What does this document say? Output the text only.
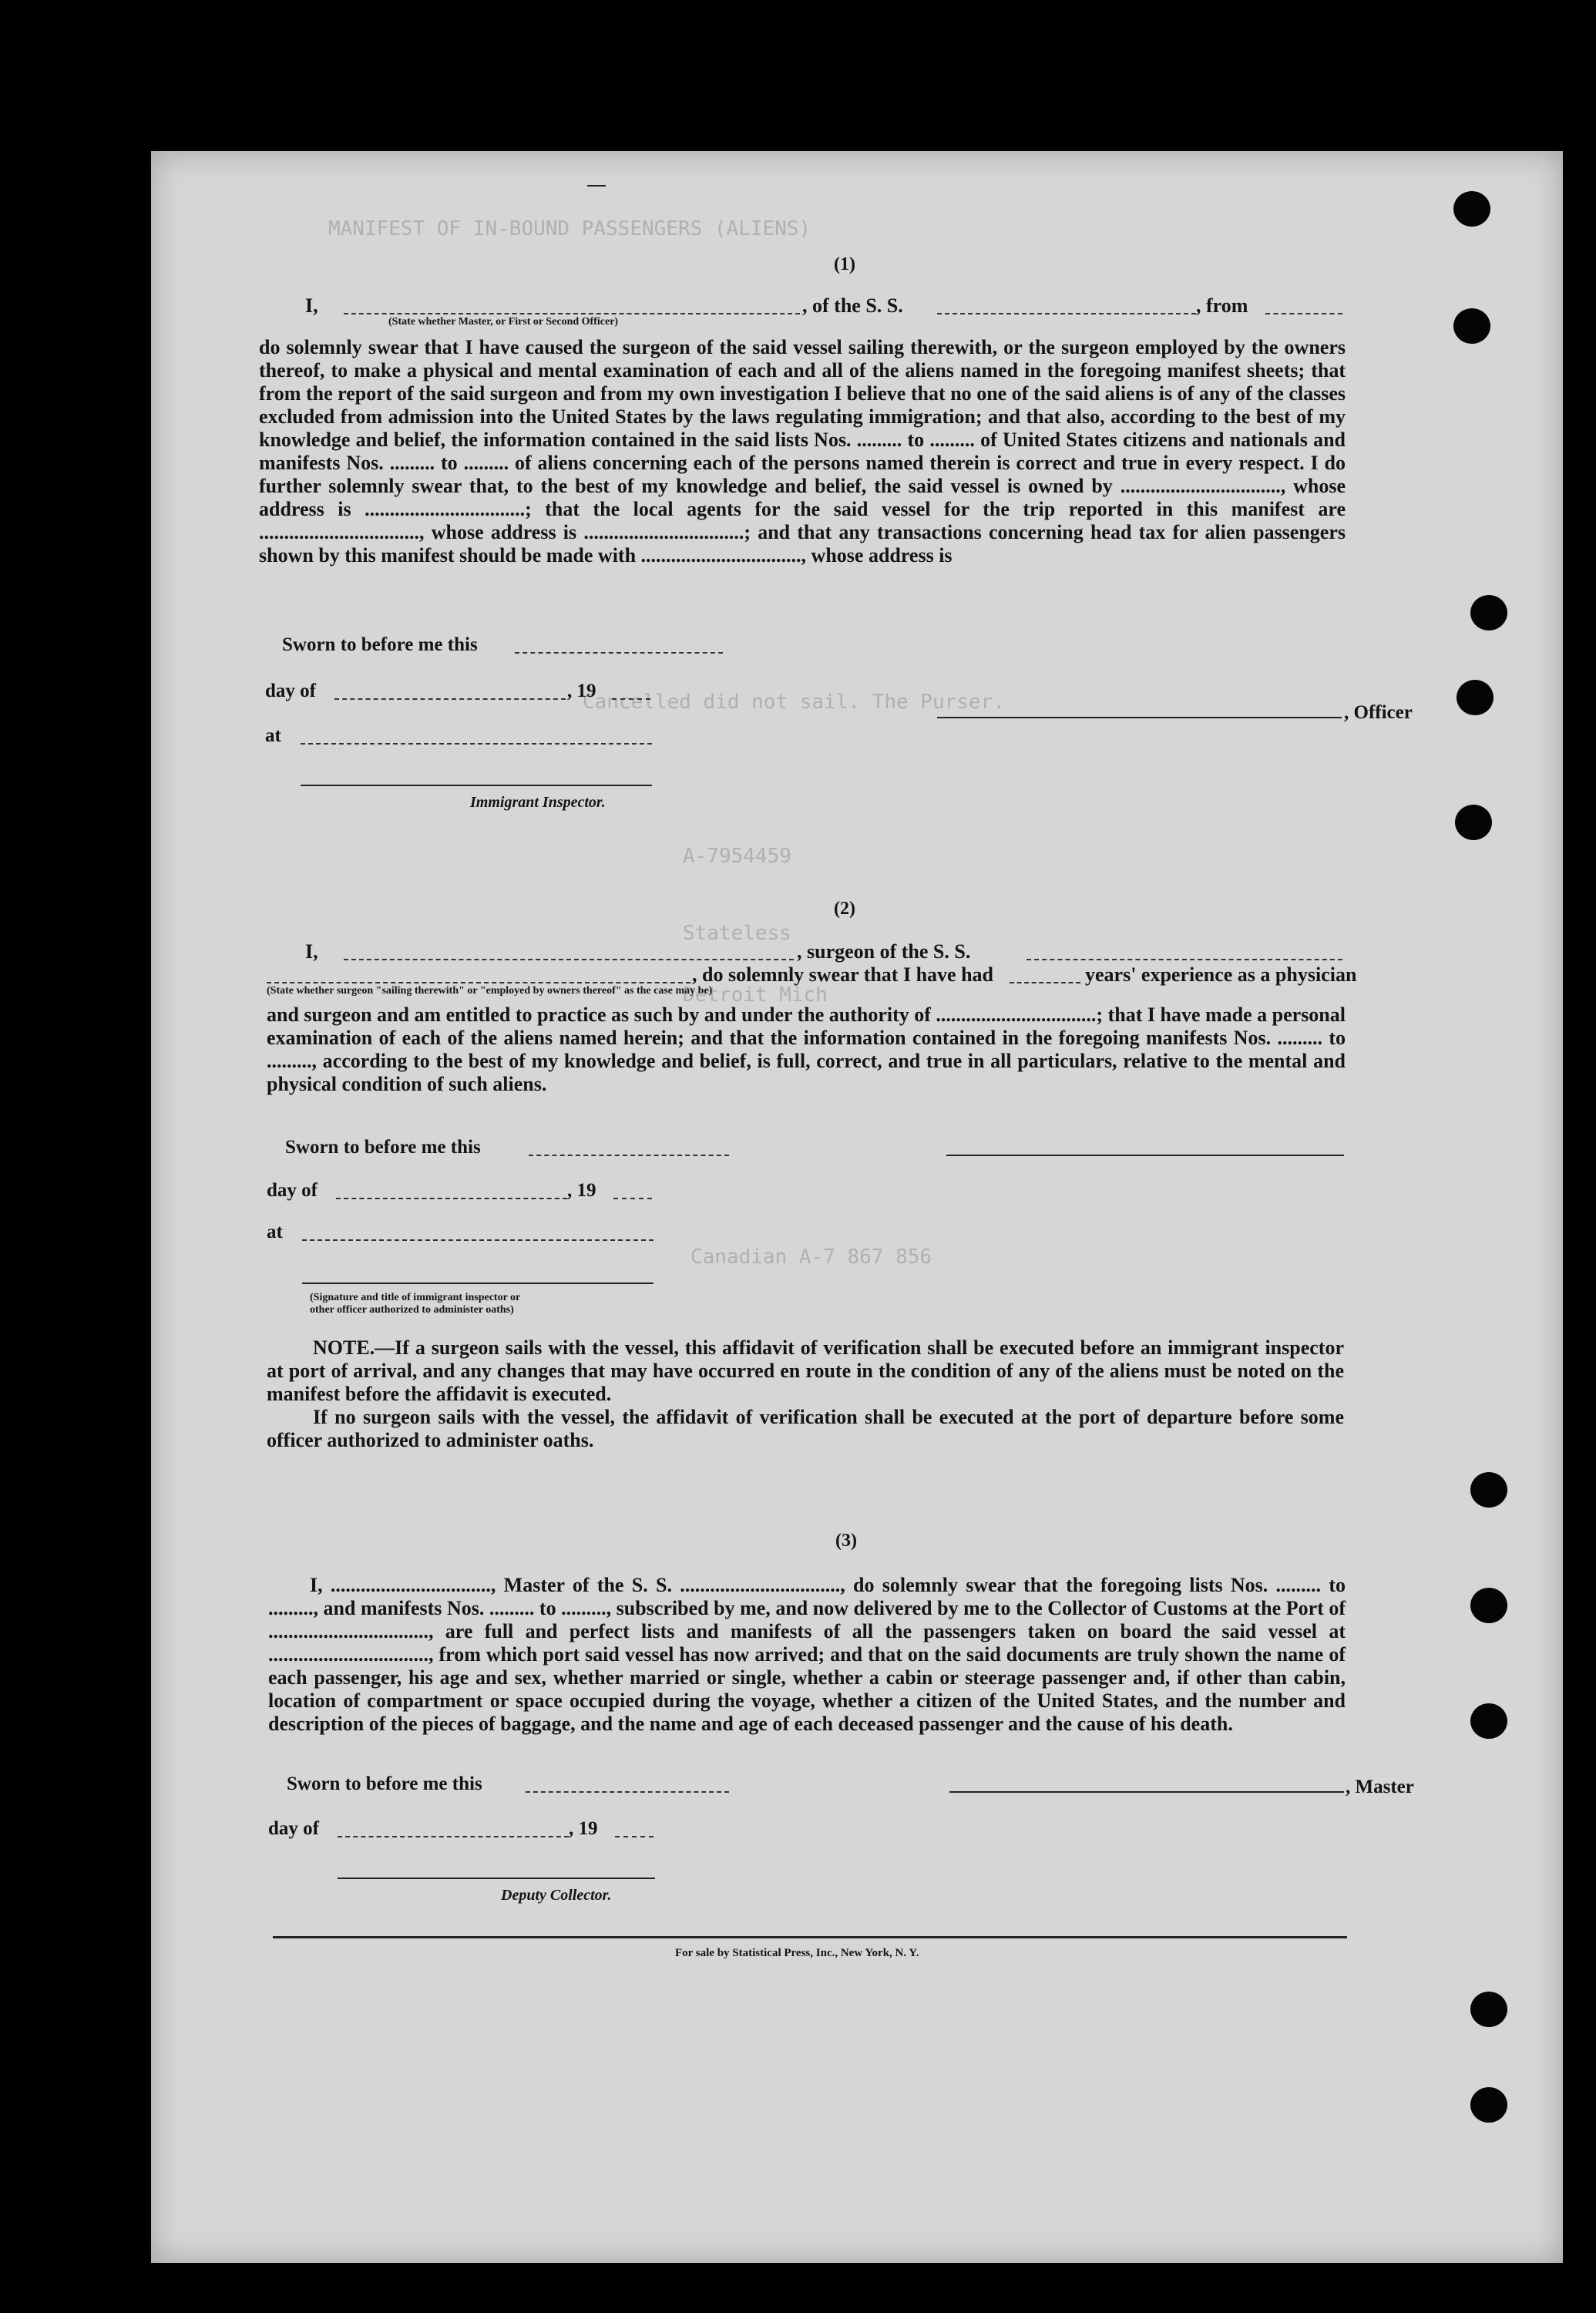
MANIFEST OF IN-BOUND PASSENGERS (ALIENS)
Cancelled did not sail. The Purser.
A-7954459
Stateless
Detroit Mich
Canadian A-7 867 856
(1)
I,	, of the S. S.	, from
(State whether Master, or First or Second Officer)
do solemnly swear that I have caused the surgeon of the said vessel sailing therewith, or the surgeon employed by the owners thereof, to make a physical and mental examination of each and all of the aliens named in the foregoing manifest sheets; that from the report of the said surgeon and from my own investigation I believe that no one of the said aliens is of any of the classes excluded from admission into the United States by the laws regulating immigration; and that also, according to the best of my knowledge and belief, the information contained in the said lists Nos. ......... to ......... of United States citizens and nationals and manifests Nos. ......... to ......... of aliens concerning each of the persons named therein is correct and true in every respect. I do further solemnly swear that, to the best of my knowledge and belief, the said vessel is owned by ................................, whose address is ................................; that the local agents for the said vessel for the trip reported in this manifest are ................................, whose address is ................................; and that any transactions concerning head tax for alien passengers shown by this manifest should be made with ................................, whose address is
Sworn to before me this
day of	, 19
at
, Officer
Immigrant Inspector.
(2)
I,	, surgeon of the S. S.
, do solemnly swear that I have had	years' experience as a physician
(State whether surgeon "sailing therewith" or "employed by owners thereof" as the case may be)
and surgeon and am entitled to practice as such by and under the authority of ................................; that I have made a personal examination of each of the aliens named herein; and that the information contained in the foregoing manifests Nos. ......... to ........., according to the best of my knowledge and belief, is full, correct, and true in all particulars, relative to the mental and physical condition of such aliens.
Sworn to before me this
day of	, 19
at
(Signature and title of immigrant inspector or
other officer authorized to administer oaths)
NOTE.—If a surgeon sails with the vessel, this affidavit of verification shall be executed before an immigrant inspector at port of arrival, and any changes that may have occurred en route in the condition of any of the aliens must be noted on the manifest before the affidavit is executed.
If no surgeon sails with the vessel, the affidavit of verification shall be executed at the port of departure before some officer authorized to administer oaths.
(3)
I, ................................, Master of the S. S. ................................, do solemnly swear that the foregoing lists Nos. ......... to ........., and manifests Nos. ......... to ........., subscribed by me, and now delivered by me to the Collector of Customs at the Port of ................................, are full and perfect lists and manifests of all the passengers taken on board the said vessel at ................................, from which port said vessel has now arrived; and that on the said documents are truly shown the name of each passenger, his age and sex, whether married or single, whether a cabin or steerage passenger and, if other than cabin, location of compartment or space occupied during the voyage, whether a citizen of the United States, and the number and description of the pieces of baggage, and the name and age of each deceased passenger and the cause of his death.
Sworn to before me this	, Master
day of	, 19
Deputy Collector.
For sale by Statistical Press, Inc., New York, N. Y.
